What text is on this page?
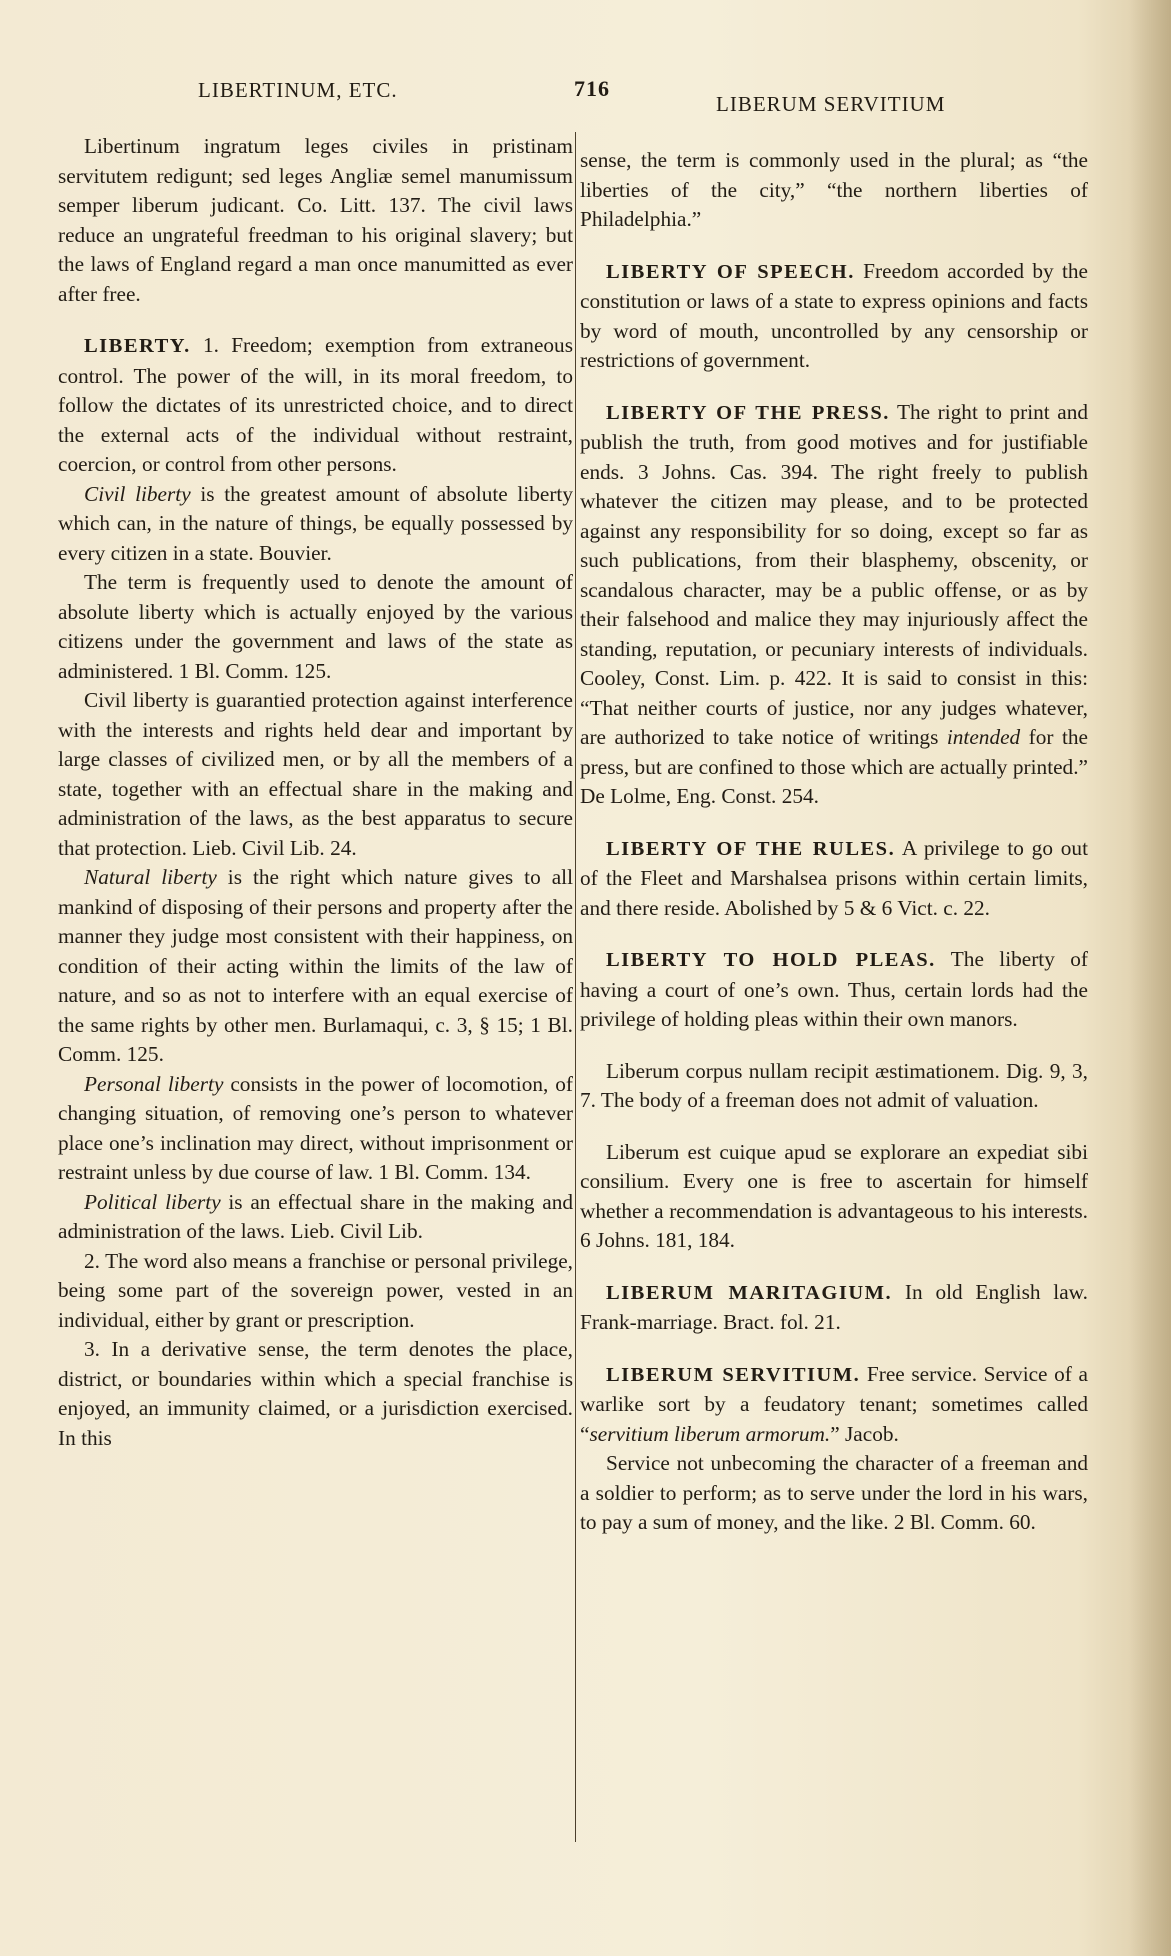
LIBERTINUM, ETC.	716
LIBERUM SERVITIUM

Libertinum ingratum leges civiles in pristinam servitutem redigunt; sed leges Angliæ semel manumissum semper liberum judicant. Co. Litt. 137. The civil laws reduce an ungrateful freedman to his original slavery; but the laws of England regard a man once manumitted as ever after free.

LIBERTY. 1. Freedom; exemption from extraneous control. The power of the will, in its moral freedom, to follow the dictates of its unrestricted choice, and to direct the external acts of the individual without restraint, coercion, or control from other persons.

Civil liberty is the greatest amount of absolute liberty which can, in the nature of things, be equally possessed by every citizen in a state. Bouvier.

The term is frequently used to denote the amount of absolute liberty which is actually enjoyed by the various citizens under the government and laws of the state as administered. 1 Bl. Comm. 125.

Civil liberty is guarantied protection against interference with the interests and rights held dear and important by large classes of civilized men, or by all the members of a state, together with an effectual share in the making and administration of the laws, as the best apparatus to secure that protection. Lieb. Civil Lib. 24.

Natural liberty is the right which nature gives to all mankind of disposing of their persons and property after the manner they judge most consistent with their happiness, on condition of their acting within the limits of the law of nature, and so as not to interfere with an equal exercise of the same rights by other men. Burlamaqui, c. 3, § 15; 1 Bl. Comm. 125.

Personal liberty consists in the power of locomotion, of changing situation, of removing one’s person to whatever place one’s inclination may direct, without imprisonment or restraint unless by due course of law. 1 Bl. Comm. 134.

Political liberty is an effectual share in the making and administration of the laws. Lieb. Civil Lib.

2. The word also means a franchise or personal privilege, being some part of the sovereign power, vested in an individual, either by grant or prescription.

3. In a derivative sense, the term denotes the place, district, or boundaries within which a special franchise is enjoyed, an immunity claimed, or a jurisdiction exercised. In this

sense, the term is commonly used in the plural; as “the liberties of the city,” “the northern liberties of Philadelphia.”

LIBERTY OF SPEECH. Freedom accorded by the constitution or laws of a state to express opinions and facts by word of mouth, uncontrolled by any censorship or restrictions of government.

LIBERTY OF THE PRESS. The right to print and publish the truth, from good motives and for justifiable ends. 3 Johns. Cas. 394. The right freely to publish whatever the citizen may please, and to be protected against any responsibility for so doing, except so far as such publications, from their blasphemy, obscenity, or scandalous character, may be a public offense, or as by their falsehood and malice they may injuriously affect the standing, reputation, or pecuniary interests of individuals. Cooley, Const. Lim. p. 422. It is said to consist in this: “That neither courts of justice, nor any judges whatever, are authorized to take notice of writings intended for the press, but are confined to those which are actually printed.” De Lolme, Eng. Const. 254.

LIBERTY OF THE RULES. A privilege to go out of the Fleet and Marshalsea prisons within certain limits, and there reside. Abolished by 5 & 6 Vict. c. 22.

LIBERTY TO HOLD PLEAS. The liberty of having a court of one’s own. Thus, certain lords had the privilege of holding pleas within their own manors.

Liberum corpus nullam recipit æstimationem. Dig. 9, 3, 7. The body of a freeman does not admit of valuation.

Liberum est cuique apud se explorare an expediat sibi consilium. Every one is free to ascertain for himself whether a recommendation is advantageous to his interests. 6 Johns. 181, 184.

LIBERUM MARITAGIUM. In old English law. Frank-marriage. Bract. fol. 21.

LIBERUM SERVITIUM. Free service. Service of a warlike sort by a feudatory tenant; sometimes called “servitium liberum armorum.” Jacob.

Service not unbecoming the character of a freeman and a soldier to perform; as to serve under the lord in his wars, to pay a sum of money, and the like. 2 Bl. Comm. 60.
